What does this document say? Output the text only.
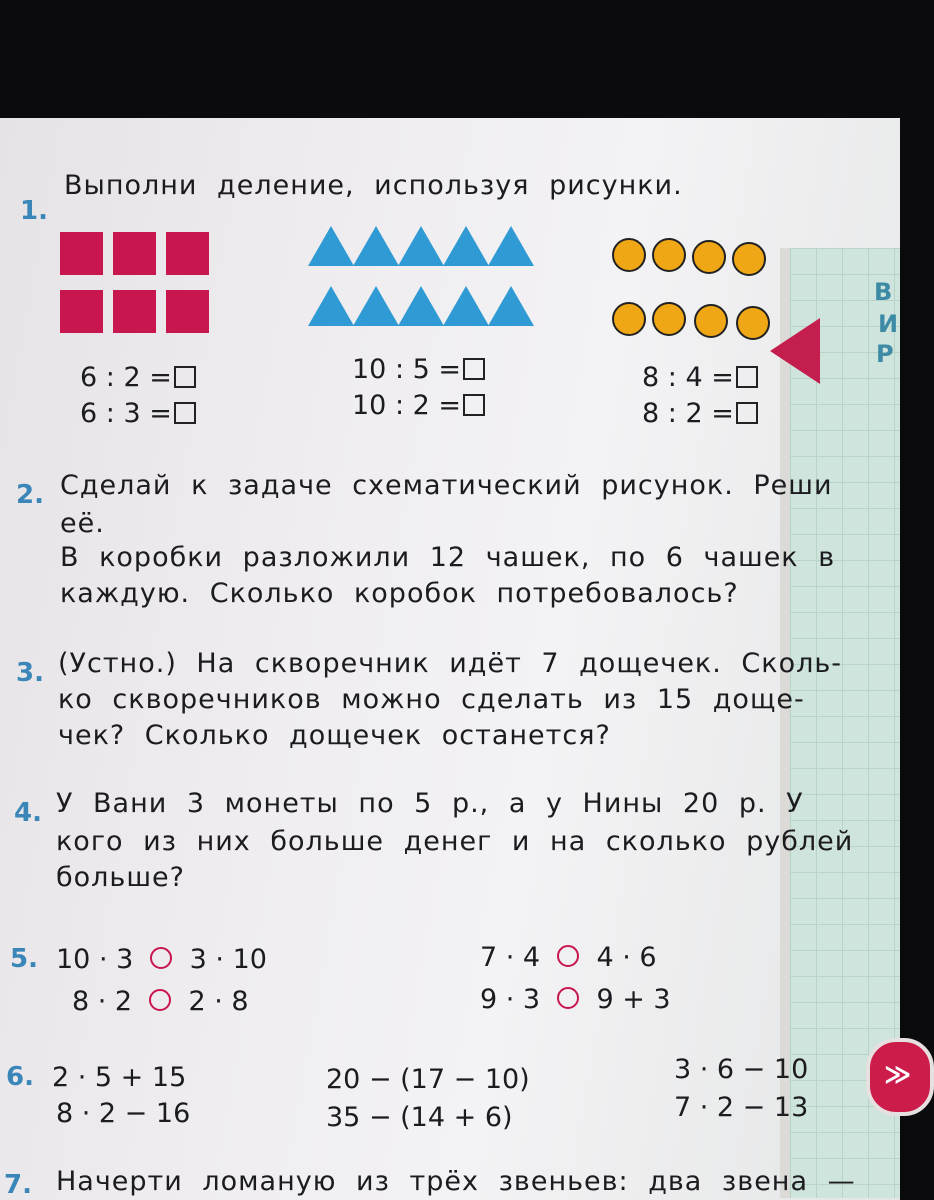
В
И
Р
≫
1.
Выполни деление, используя рисунки.
6 : 2 =
6 : 3 =
10 : 5 =
10 : 2 =
8 : 4 =
8 : 2 =
2. Сделай к задаче схематический рисунок. Реши
её.
В коробки разложили 12 чашек, по 6 чашек в
каждую. Сколько коробок потребовалось?
3. (Устно.) На скворечник идёт 7 дощечек. Сколь-
ко скворечников можно сделать из 15 доще-
чек? Сколько дощечек останется?
4. У Вани 3 монеты по 5 р., а у Нины 20 р. У
кого из них больше денег и на сколько рублей
больше?
5. 10 · 3 3 · 10
8 · 2 2 · 8
7 · 4 4 · 6
9 · 3 9 + 3
6. 2 · 5 + 15
8 · 2 − 16
20 − (17 − 10)
35 − (14 + 6)
3 · 6 − 10
7 · 2 − 13
7. Начерти ломаную из трёх звеньев: два звена —
